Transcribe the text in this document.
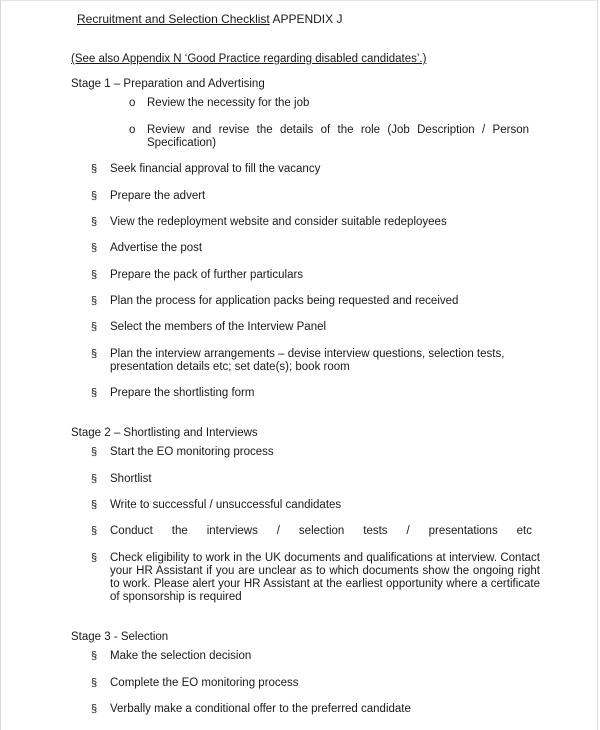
Recruitment and Selection Checklist APPENDIX J
(See also Appendix N ‘Good Practice regarding disabled candidates’.)
Stage 1 – Preparation and Advertising
o	Review the necessity for the job
o	Review and revise the details of the role (Job Description / Person Specification)
§	Seek financial approval to fill the vacancy
§	Prepare the advert
§	View the redeployment website and consider suitable redeployees
§	Advertise the post
§	Prepare the pack of further particulars
§	Plan the process for application packs being requested and received
§	Select the members of the Interview Panel
§	Plan the interview arrangements – devise interview questions, selection tests, presentation details etc; set date(s); book room
§	Prepare the shortlisting form
Stage 2 – Shortlisting and Interviews
§	Start the EO monitoring process
§	Shortlist
§	Write to successful / unsuccessful candidates
§	Conduct the interviews / selection tests / presentations etc
§	Check eligibility to work in the UK documents and qualifications at interview. Contact your HR Assistant if you are unclear as to which documents show the ongoing right to work. Please alert your HR Assistant at the earliest opportunity where a certificate of sponsorship is required
Stage 3 - Selection
§	Make the selection decision
§	Complete the EO monitoring process
§	Verbally make a conditional offer to the preferred candidate
